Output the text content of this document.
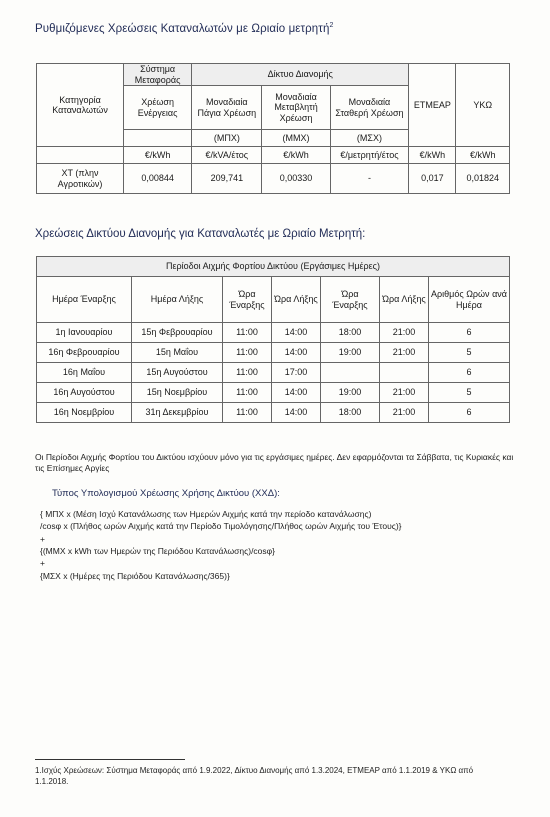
Ρυθμιζόμενες Χρεώσεις Καταναλωτών με Ωριαίο μετρητή$^2$
Κατηγορία Καταναλωτών	Σύστημα Μεταφοράς	Δίκτυο Διανομής			ΕΤΜΕΑΡ	ΥΚΩ
	Χρέωση Ενέργειας	Μοναδιαία Πάγια Χρέωση	Μοναδιαία Μεταβλητή Χρέωση	Μοναδιαία Σταθερή Χρέωση		
		(ΜΠΧ)	(ΜΜΧ)	(ΜΣΧ)		
	€/kWh	€/kVA/έτος	€/kWh	€/μετρητή/έτος	€/kWh	€/kWh
ΧΤ (πλην Αγροτικών)	0,00844	209,741	0,00330	-	0,017	0,01824
Χρεώσεις Δικτύου Διανομής για Καταναλωτές με Ωριαίο Μετρητή:
Περίοδοι Αιχμής Φορτίου Δικτύου (Εργάσιμες Ημέρες)						
Ημέρα Έναρξης	Ημέρα Λήξης	Ώρα Έναρξης	Ώρα Λήξης	Ώρα Έναρξης	Ώρα Λήξης	Αριθμός Ωρών ανά Ημέρα
1η Ιανουαρίου	15η Φεβρουαρίου	11:00	14:00	18:00	21:00	6
16η Φεβρουαρίου	15η Μαΐου	11:00	14:00	19:00	21:00	5
16η Μαΐου	15η Αυγούστου	11:00	17:00			6
16η Αυγούστου	15η Νοεμβρίου	11:00	14:00	19:00	21:00	5
16η Νοεμβρίου	31η Δεκεμβρίου	11:00	14:00	18:00	21:00	6
Οι Περίοδοι Αιχμής Φορτίου του Δικτύου ισχύουν μόνο για τις εργάσιμες ημέρες. Δεν εφαρμόζονται τα Σάββατα, τις Κυριακές και τις Επίσημες Αργίες
Τύπος Υπολογισμού Χρέωσης Χρήσης Δικτύου (ΧΧΔ):
{ ΜΠΧ x (Μέση Ισχύ Κατανάλωσης των Ημερών Αιχμής κατά την περίοδο κατανάλωσης)
/cosφ x (Πλήθος ωρών Αιχμής κατά την Περίοδο Τιμολόγησης/Πλήθος ωρών Αιχμής του Έτους)}
+
{(ΜΜΧ x kWh των Ημερών της Περιόδου Κατανάλωσης)/cosφ}
+
{ΜΣΧ x (Ημέρες της Περιόδου Κατανάλωσης/365)}
1.Ισχύς Χρεώσεων: Σύστημα Μεταφοράς από 1.9.2022, Δίκτυο Διανομής από 1.3.2024, ΕΤΜΕΑΡ από 1.1.2019 & ΥΚΩ από 1.1.2018.
